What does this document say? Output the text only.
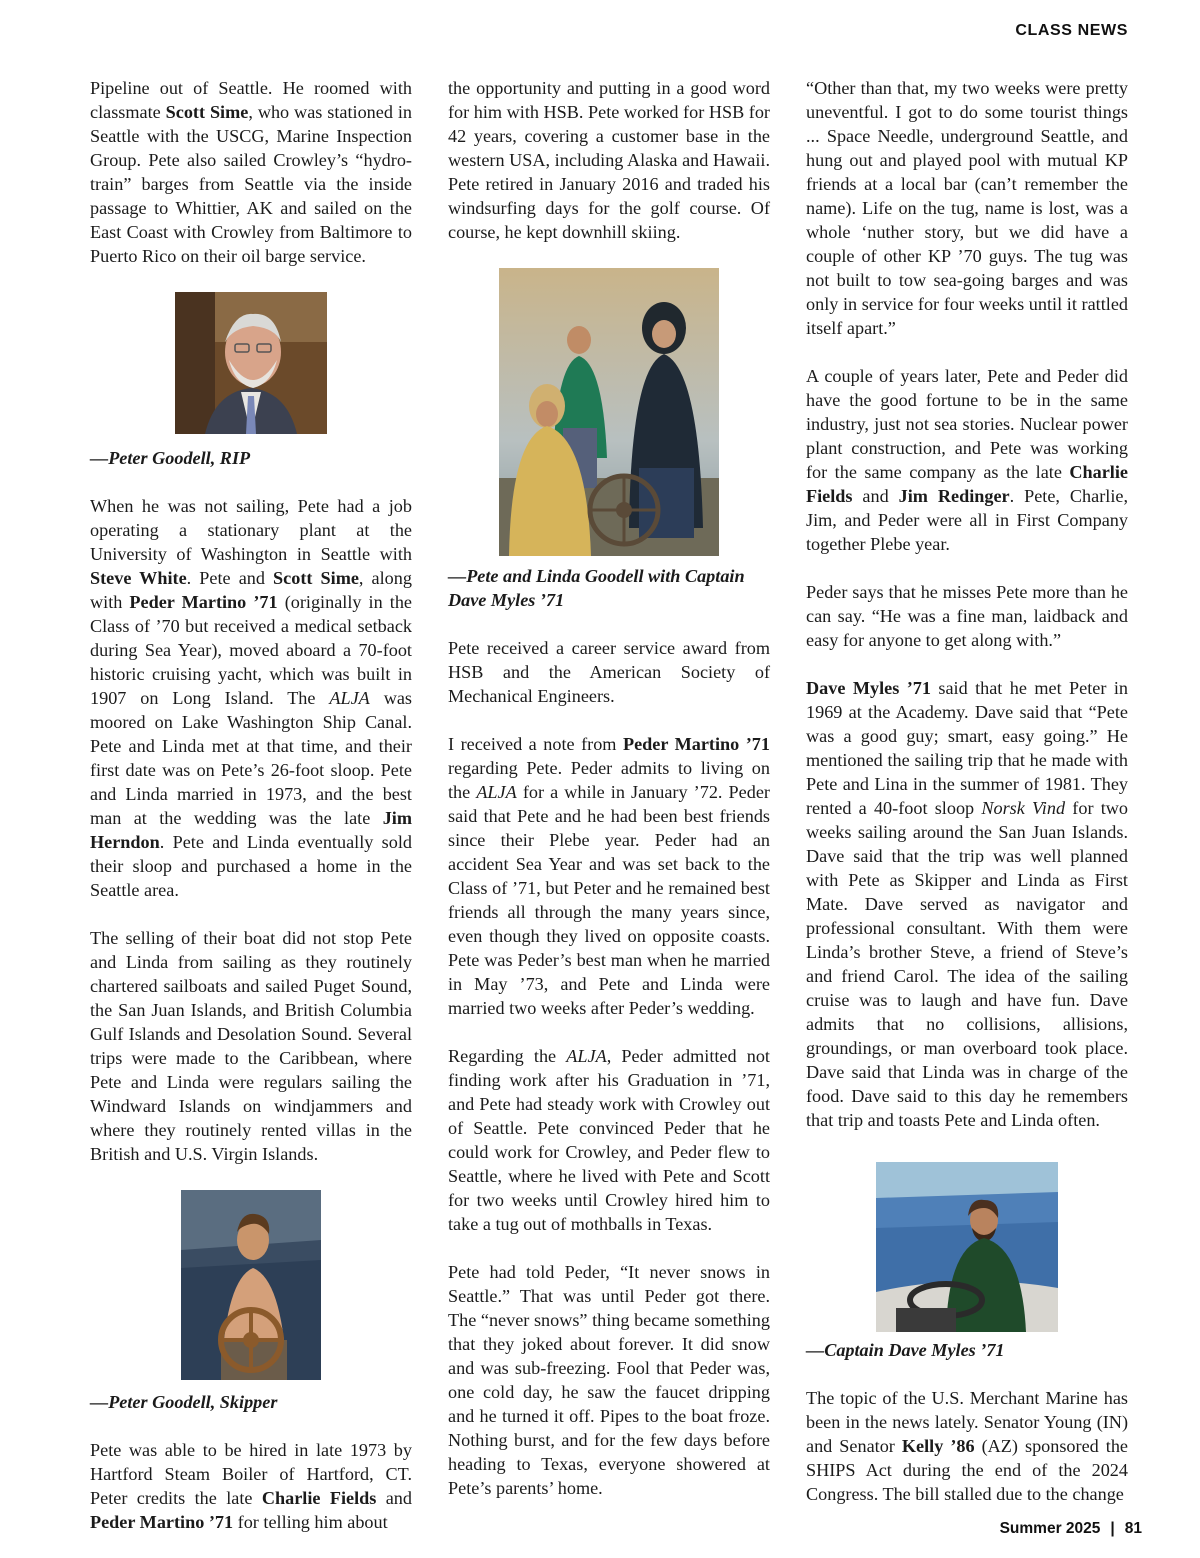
CLASS NEWS

Pipeline out of Seattle. He roomed with classmate Scott Sime, who was stationed in Seattle with the USCG, Marine Inspection Group. Pete also sailed Crowley’s “hydro-train” barges from Seattle via the inside passage to Whittier, AK and sailed on the East Coast with Crowley from Baltimore to Puerto Rico on their oil barge service.

—Peter Goodell, RIP

When he was not sailing, Pete had a job operating a stationary plant at the University of Washington in Seattle with Steve White. Pete and Scott Sime, along with Peder Martino ’71 (originally in the Class of ’70 but received a medical setback during Sea Year), moved aboard a 70-foot historic cruising yacht, which was built in 1907 on Long Island. The ALJA was moored on Lake Washington Ship Canal. Pete and Linda met at that time, and their first date was on Pete’s 26-foot sloop. Pete and Linda married in 1973, and the best man at the wedding was the late Jim Herndon. Pete and Linda eventually sold their sloop and purchased a home in the Seattle area.

The selling of their boat did not stop Pete and Linda from sailing as they routinely chartered sailboats and sailed Puget Sound, the San Juan Islands, and British Columbia Gulf Islands and Desolation Sound. Several trips were made to the Caribbean, where Pete and Linda were regulars sailing the Windward Islands on windjammers and where they routinely rented villas in the British and U.S. Virgin Islands.

—Peter Goodell, Skipper

Pete was able to be hired in late 1973 by Hartford Steam Boiler of Hartford, CT. Peter credits the late Charlie Fields and Peder Martino ’71 for telling him about

the opportunity and putting in a good word for him with HSB. Pete worked for HSB for 42 years, covering a customer base in the western USA, including Alaska and Hawaii. Pete retired in January 2016 and traded his windsurfing days for the golf course. Of course, he kept downhill skiing.

—Pete and Linda Goodell with Captain Dave Myles ’71

Pete received a career service award from HSB and the American Society of Mechanical Engineers.

I received a note from Peder Martino ’71 regarding Pete. Peder admits to living on the ALJA for a while in January ’72. Peder said that Pete and he had been best friends since their Plebe year. Peder had an accident Sea Year and was set back to the Class of ’71, but Peter and he remained best friends all through the many years since, even though they lived on opposite coasts. Pete was Peder’s best man when he married in May ’73, and Pete and Linda were married two weeks after Peder’s wedding.

Regarding the ALJA, Peder admitted not finding work after his Graduation in ’71, and Pete had steady work with Crowley out of Seattle. Pete convinced Peder that he could work for Crowley, and Peder flew to Seattle, where he lived with Pete and Scott for two weeks until Crowley hired him to take a tug out of mothballs in Texas.

Pete had told Peder, “It never snows in Seattle.” That was until Peder got there. The “never snows” thing became something that they joked about forever. It did snow and was sub-freezing. Fool that Peder was, one cold day, he saw the faucet dripping and he turned it off. Pipes to the boat froze. Nothing burst, and for the few days before heading to Texas, everyone showered at Pete’s parents’ home.

“Other than that, my two weeks were pretty uneventful. I got to do some tourist things ... Space Needle, underground Seattle, and hung out and played pool with mutual KP friends at a local bar (can’t remember the name). Life on the tug, name is lost, was a whole ‘nuther story, but we did have a couple of other KP ’70 guys. The tug was not built to tow sea-going barges and was only in service for four weeks until it rattled itself apart.”

A couple of years later, Pete and Peder did have the good fortune to be in the same industry, just not sea stories. Nuclear power plant construction, and Pete was working for the same company as the late Charlie Fields and Jim Redinger. Pete, Charlie, Jim, and Peder were all in First Company together Plebe year.

Peder says that he misses Pete more than he can say. “He was a fine man, laidback and easy for anyone to get along with.”

Dave Myles ’71 said that he met Peter in 1969 at the Academy. Dave said that “Pete was a good guy; smart, easy going.” He mentioned the sailing trip that he made with Pete and Lina in the summer of 1981. They rented a 40-foot sloop Norsk Vind for two weeks sailing around the San Juan Islands. Dave said that the trip was well planned with Pete as Skipper and Linda as First Mate. Dave served as navigator and professional consultant. With them were Linda’s brother Steve, a friend of Steve’s and friend Carol. The idea of the sailing cruise was to laugh and have fun. Dave admits that no collisions, allisions, groundings, or man overboard took place. Dave said that Linda was in charge of the food. Dave said to this day he remembers that trip and toasts Pete and Linda often.

—Captain Dave Myles ’71

The topic of the U.S. Merchant Marine has been in the news lately. Senator Young (IN) and Senator Kelly ’86 (AZ) sponsored the SHIPS Act during the end of the 2024 Congress. The bill stalled due to the change

Summer 2025 | 81
